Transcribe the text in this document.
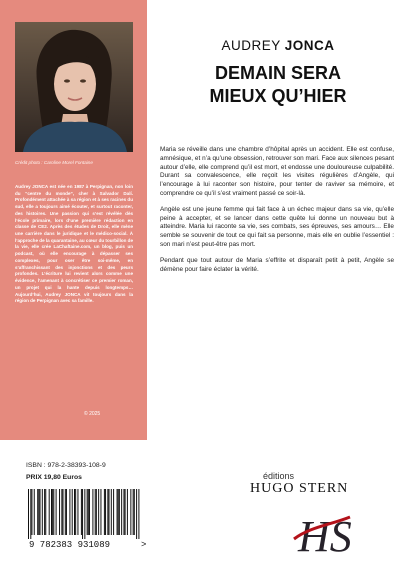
Crédit photo : Caroline Morel Fontaine
Audrey JONCA est née en 1987 à Perpignan, non loin du “centre du monde”, cher à Salvador Dalí. Profondément attachée à sa région et à ses racines du sud, elle a toujours aimé écouter, et surtout raconter, des histoires. Une passion qui s’est révélée dès l’école primaire, lors d’une première rédaction en classe de CE2. Après des études de Droit, elle mène une carrière dans le juridique et le médico-social. À l’approche de la quarantaine, au cœur du tourbillon de la vie, elle crée LaChaftaine.com, un blog, puis un podcast, où elle encourage à dépasser ses complexes, pour oser être soi-même, en s’affranchissant des injonctions et des peurs profondes. L’écriture lui revient alors comme une évidence, l’amenant à concrétiser ce premier roman, un projet qui la hante depuis longtemps… Aujourd’hui, Audrey JONCA vit toujours dans la région de Perpignan avec sa famille.
© 2025
AUDREY JONCA
DEMAIN SERA
MIEUX QU’HIER

Maria se réveille dans une chambre d’hôpital après un accident. Elle est confuse, amnésique, et n’a qu’une obsession, retrouver son mari. Face aux silences pesant autour d’elle, elle comprend qu’il est mort, et endosse une douloureuse culpabilité. Durant sa convalescence, elle reçoit les visites régulières d’Angèle, qui l’encourage à lui raconter son histoire, pour tenter de raviver sa mémoire, et comprendre ce qu’il s’est vraiment passé ce soir-là.

Angèle est une jeune femme qui fait face à un échec majeur dans sa vie, qu’elle peine à accepter, et se lancer dans cette quête lui donne un nouveau but à atteindre. Maria lui raconte sa vie, ses combats, ses épreuves, ses amours… Elle semble se souvenir de tout ce qui fait sa personne, mais elle en oublie l’essentiel : son mari n’est peut-être pas mort.

Pendant que tout autour de Maria s’effrite et disparaît petit à petit, Angèle se démène pour faire éclater la vérité.

ISBN : 978-2-38393-108-9
PRIX 19,80 Euros
9 782383 931089	>
éditions
HUGO STERN
HS
